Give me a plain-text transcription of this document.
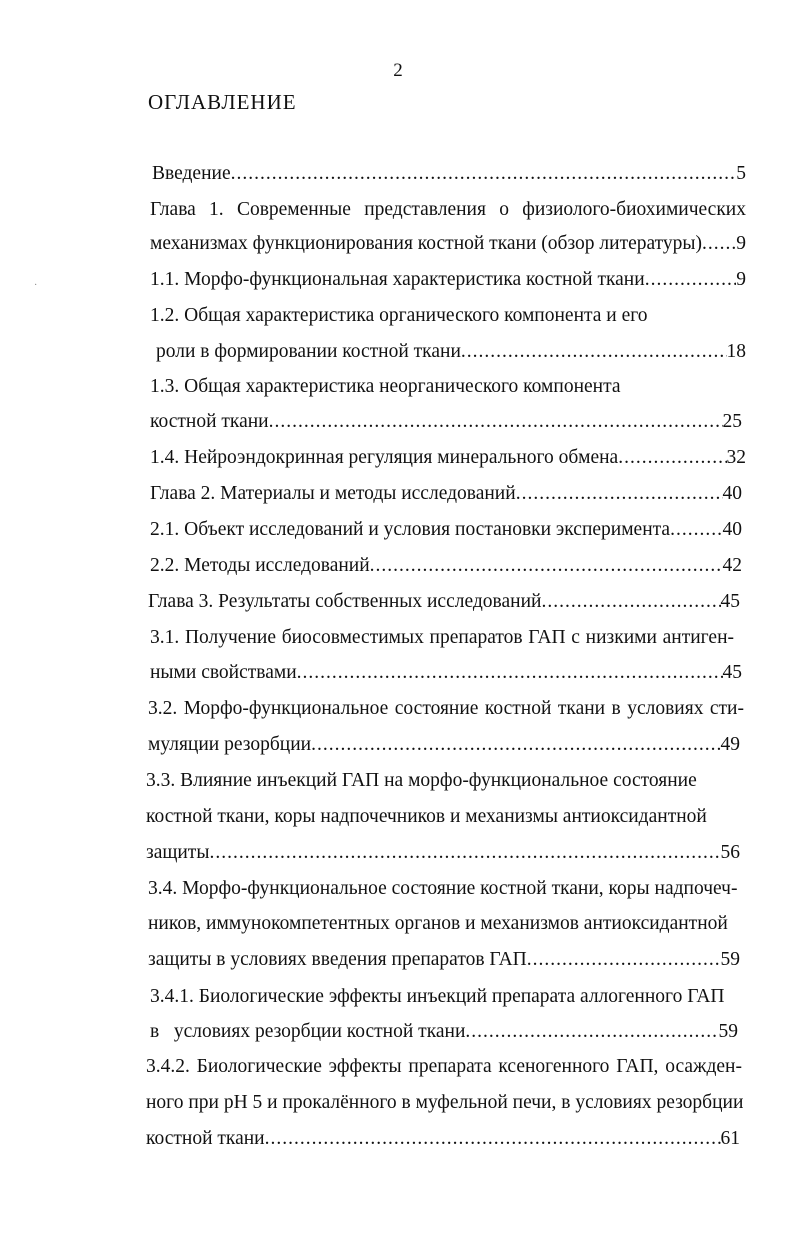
2
ОГЛАВЛЕНИЕ
·
Введение .....	5
Глава 1. Современные представления о физиолого-биохимических
механизмах функционирования костной ткани (обзор литературы) ..... 9
1.1. Морфо-функциональная характеристика костной ткани .....	9
1.2. Общая характеристика органического компонента и его
роли в формировании костной ткани .....	18
1.3. Общая характеристика неорганического компонента
костной ткани .....	25
1.4. Нейроэндокринная регуляция минерального обмена .....	32
Глава 2. Материалы и методы исследований .....	40
2.1. Объект исследований и условия постановки эксперимента .....	40
2.2. Методы исследований .....	42
Глава 3. Результаты собственных исследований .....	45
3.1. Получение биосовместимых препаратов ГАП с низкими антиген-
ными свойствами .....	45
3.2. Морфо-функциональное состояние костной ткани в условиях сти-
муляции резорбции .....	49
3.3. Влияние инъекций ГАП на морфо-функциональное состояние
костной ткани, коры надпочечников и механизмы антиоксидантной
защиты .....	56
3.4. Морфо-функциональное состояние костной ткани, коры надпочеч-
ников, иммунокомпетентных органов и механизмов антиоксидантной
защиты в условиях введения препаратов ГАП .....	59
3.4.1. Биологические эффекты инъекций препарата аллогенного ГАП
в   условиях резорбции костной ткани .....	59
3.4.2. Биологические эффекты препарата ксеногенного ГАП, осажден-
ного при pH 5 и прокалённого в муфельной печи, в условиях резорбции
костной ткани .....	61
